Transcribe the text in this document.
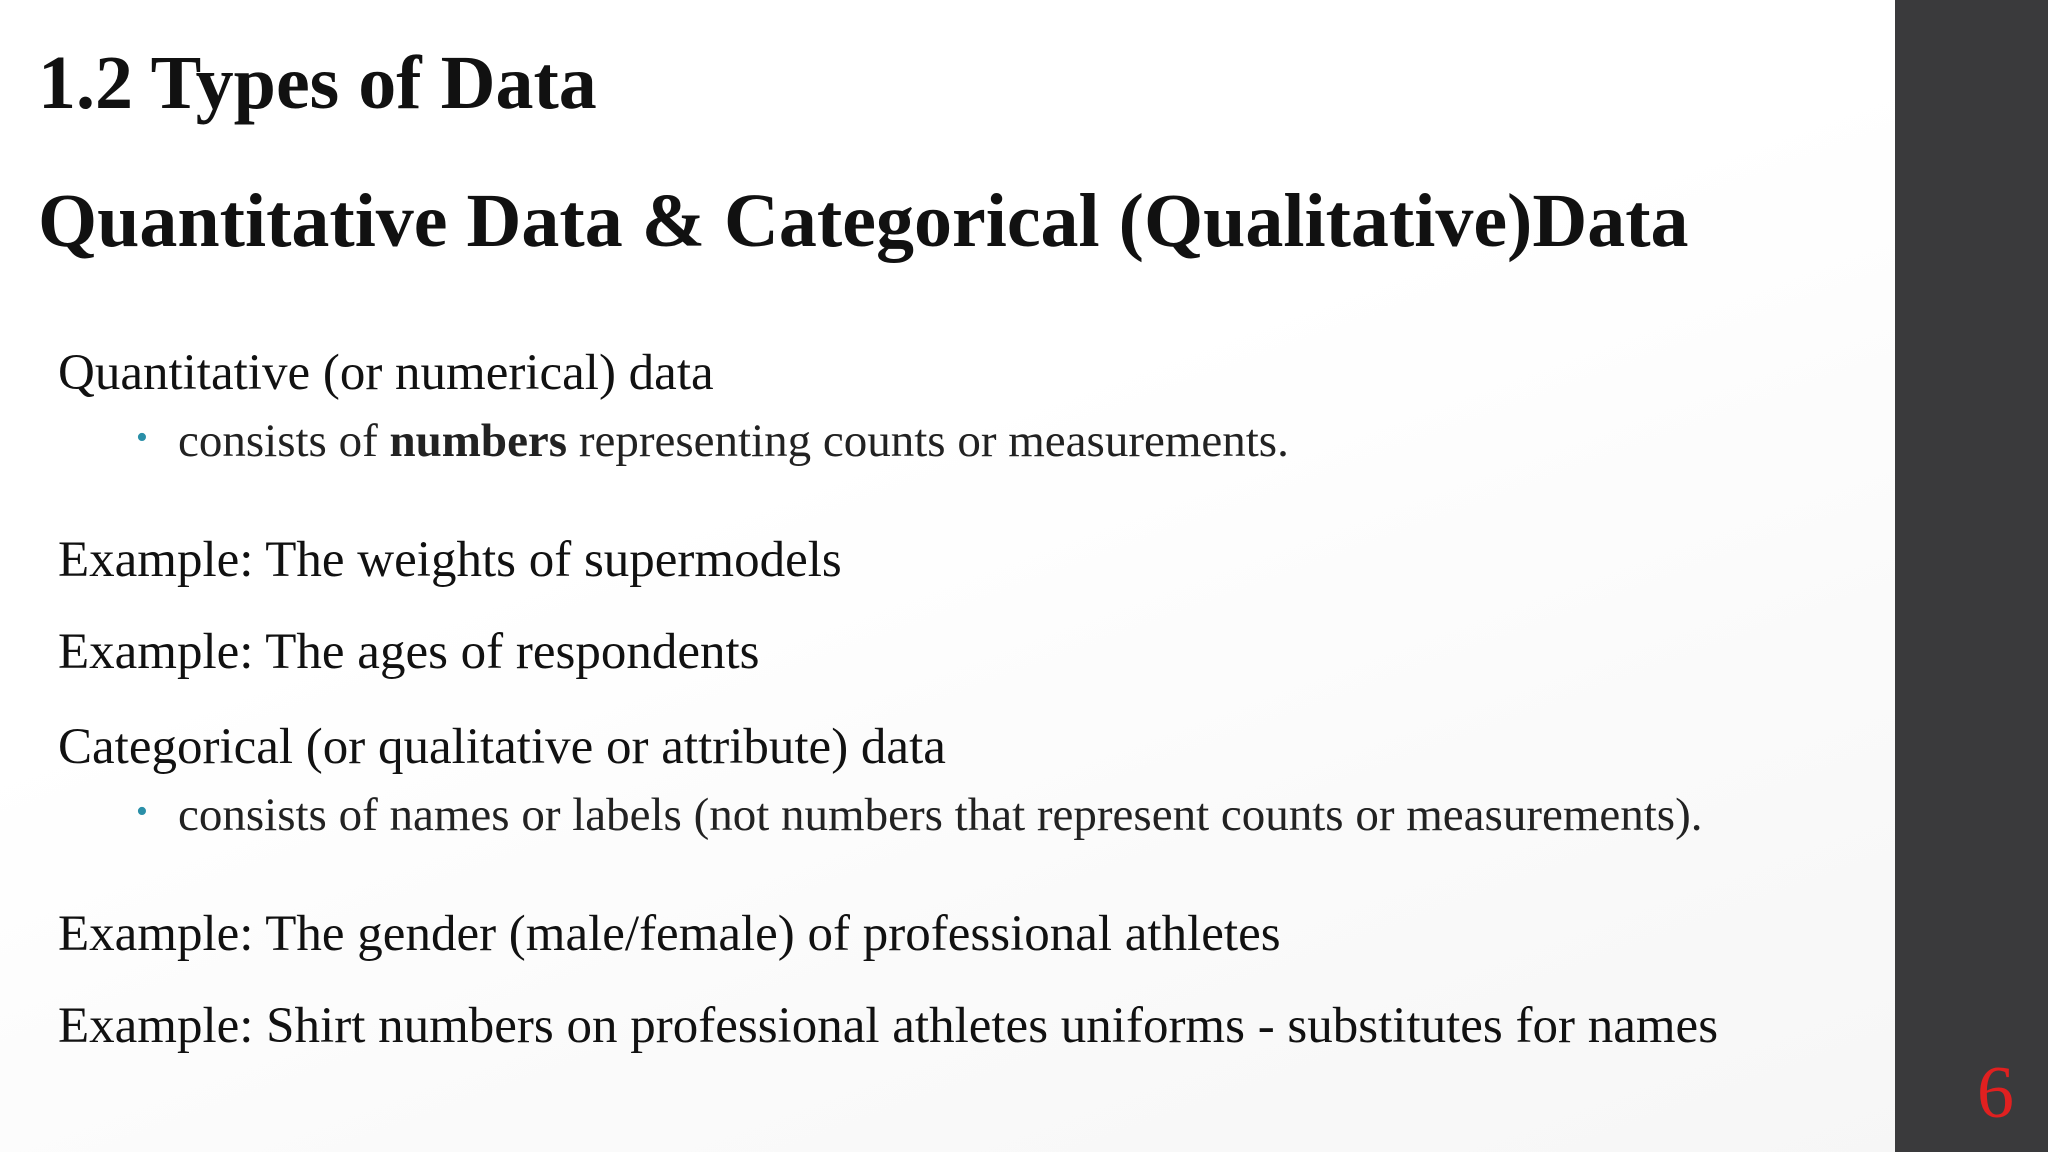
1.2 Types of Data
Quantitative Data & Categorical (Qualitative)Data

Quantitative (or numerical) data

• consists of numbers representing counts or measurements.

Example: The weights of supermodels

Example: The ages of respondents

Categorical (or qualitative or attribute) data

• consists of names or labels (not numbers that represent counts or measurements).

Example: The gender (male/female) of professional athletes

Example: Shirt numbers on professional athletes uniforms - substitutes for names

6
